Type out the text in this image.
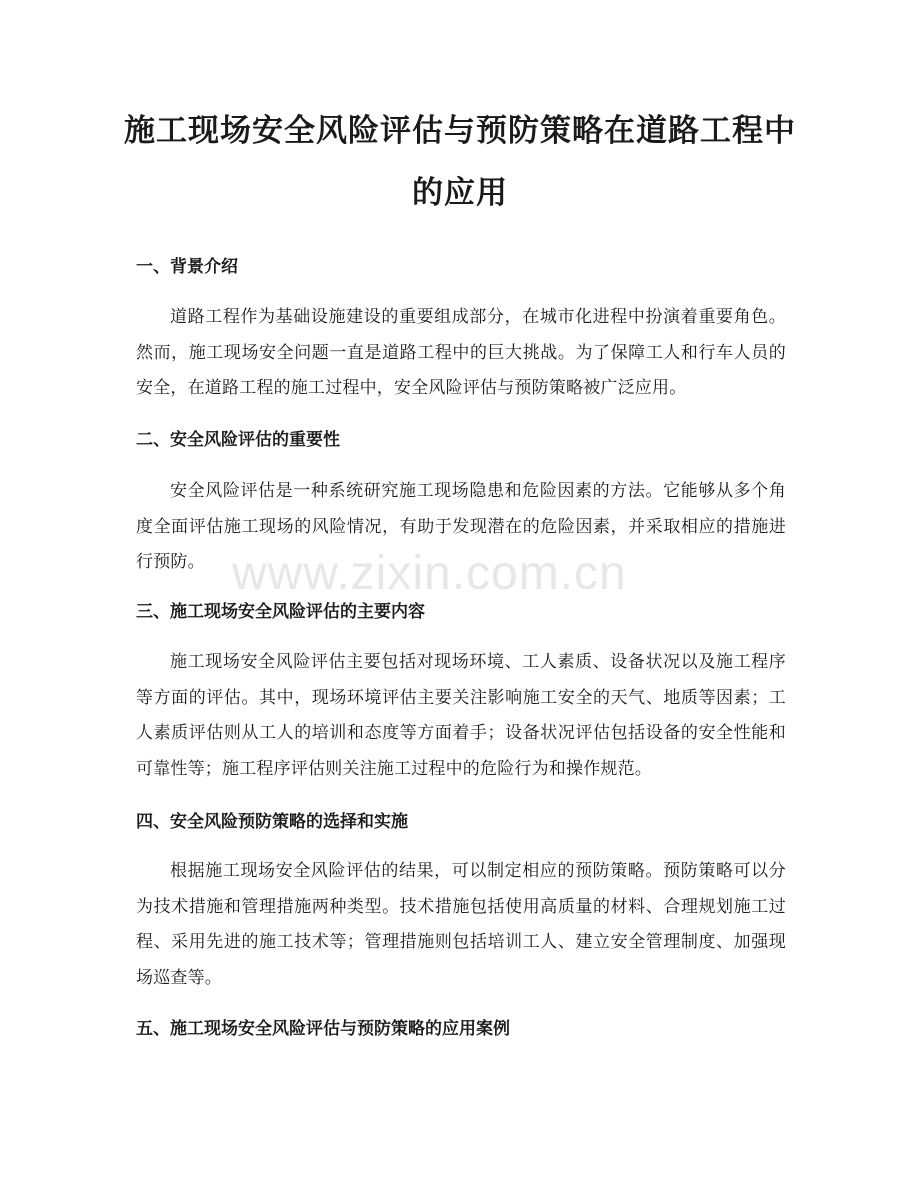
施工现场安全风险评估与预防策略在道路工程中的应用
一、背景介绍

道路工程作为基础设施建设的重要组成部分，在城市化进程中扮演着重要角色。然而，施工现场安全问题一直是道路工程中的巨大挑战。为了保障工人和行车人员的安全，在道路工程的施工过程中，安全风险评估与预防策略被广泛应用。

二、安全风险评估的重要性

安全风险评估是一种系统研究施工现场隐患和危险因素的方法。它能够从多个角度全面评估施工现场的风险情况，有助于发现潜在的危险因素，并采取相应的措施进行预防。

三、施工现场安全风险评估的主要内容

施工现场安全风险评估主要包括对现场环境、工人素质、设备状况以及施工程序等方面的评估。其中，现场环境评估主要关注影响施工安全的天气、地质等因素；工人素质评估则从工人的培训和态度等方面着手；设备状况评估包括设备的安全性能和可靠性等；施工程序评估则关注施工过程中的危险行为和操作规范。

四、安全风险预防策略的选择和实施

根据施工现场安全风险评估的结果，可以制定相应的预防策略。预防策略可以分为技术措施和管理措施两种类型。技术措施包括使用高质量的材料、合理规划施工过程、采用先进的施工技术等；管理措施则包括培训工人、建立安全管理制度、加强现场巡查等。

五、施工现场安全风险评估与预防策略的应用案例
www.zixin.com.cn
